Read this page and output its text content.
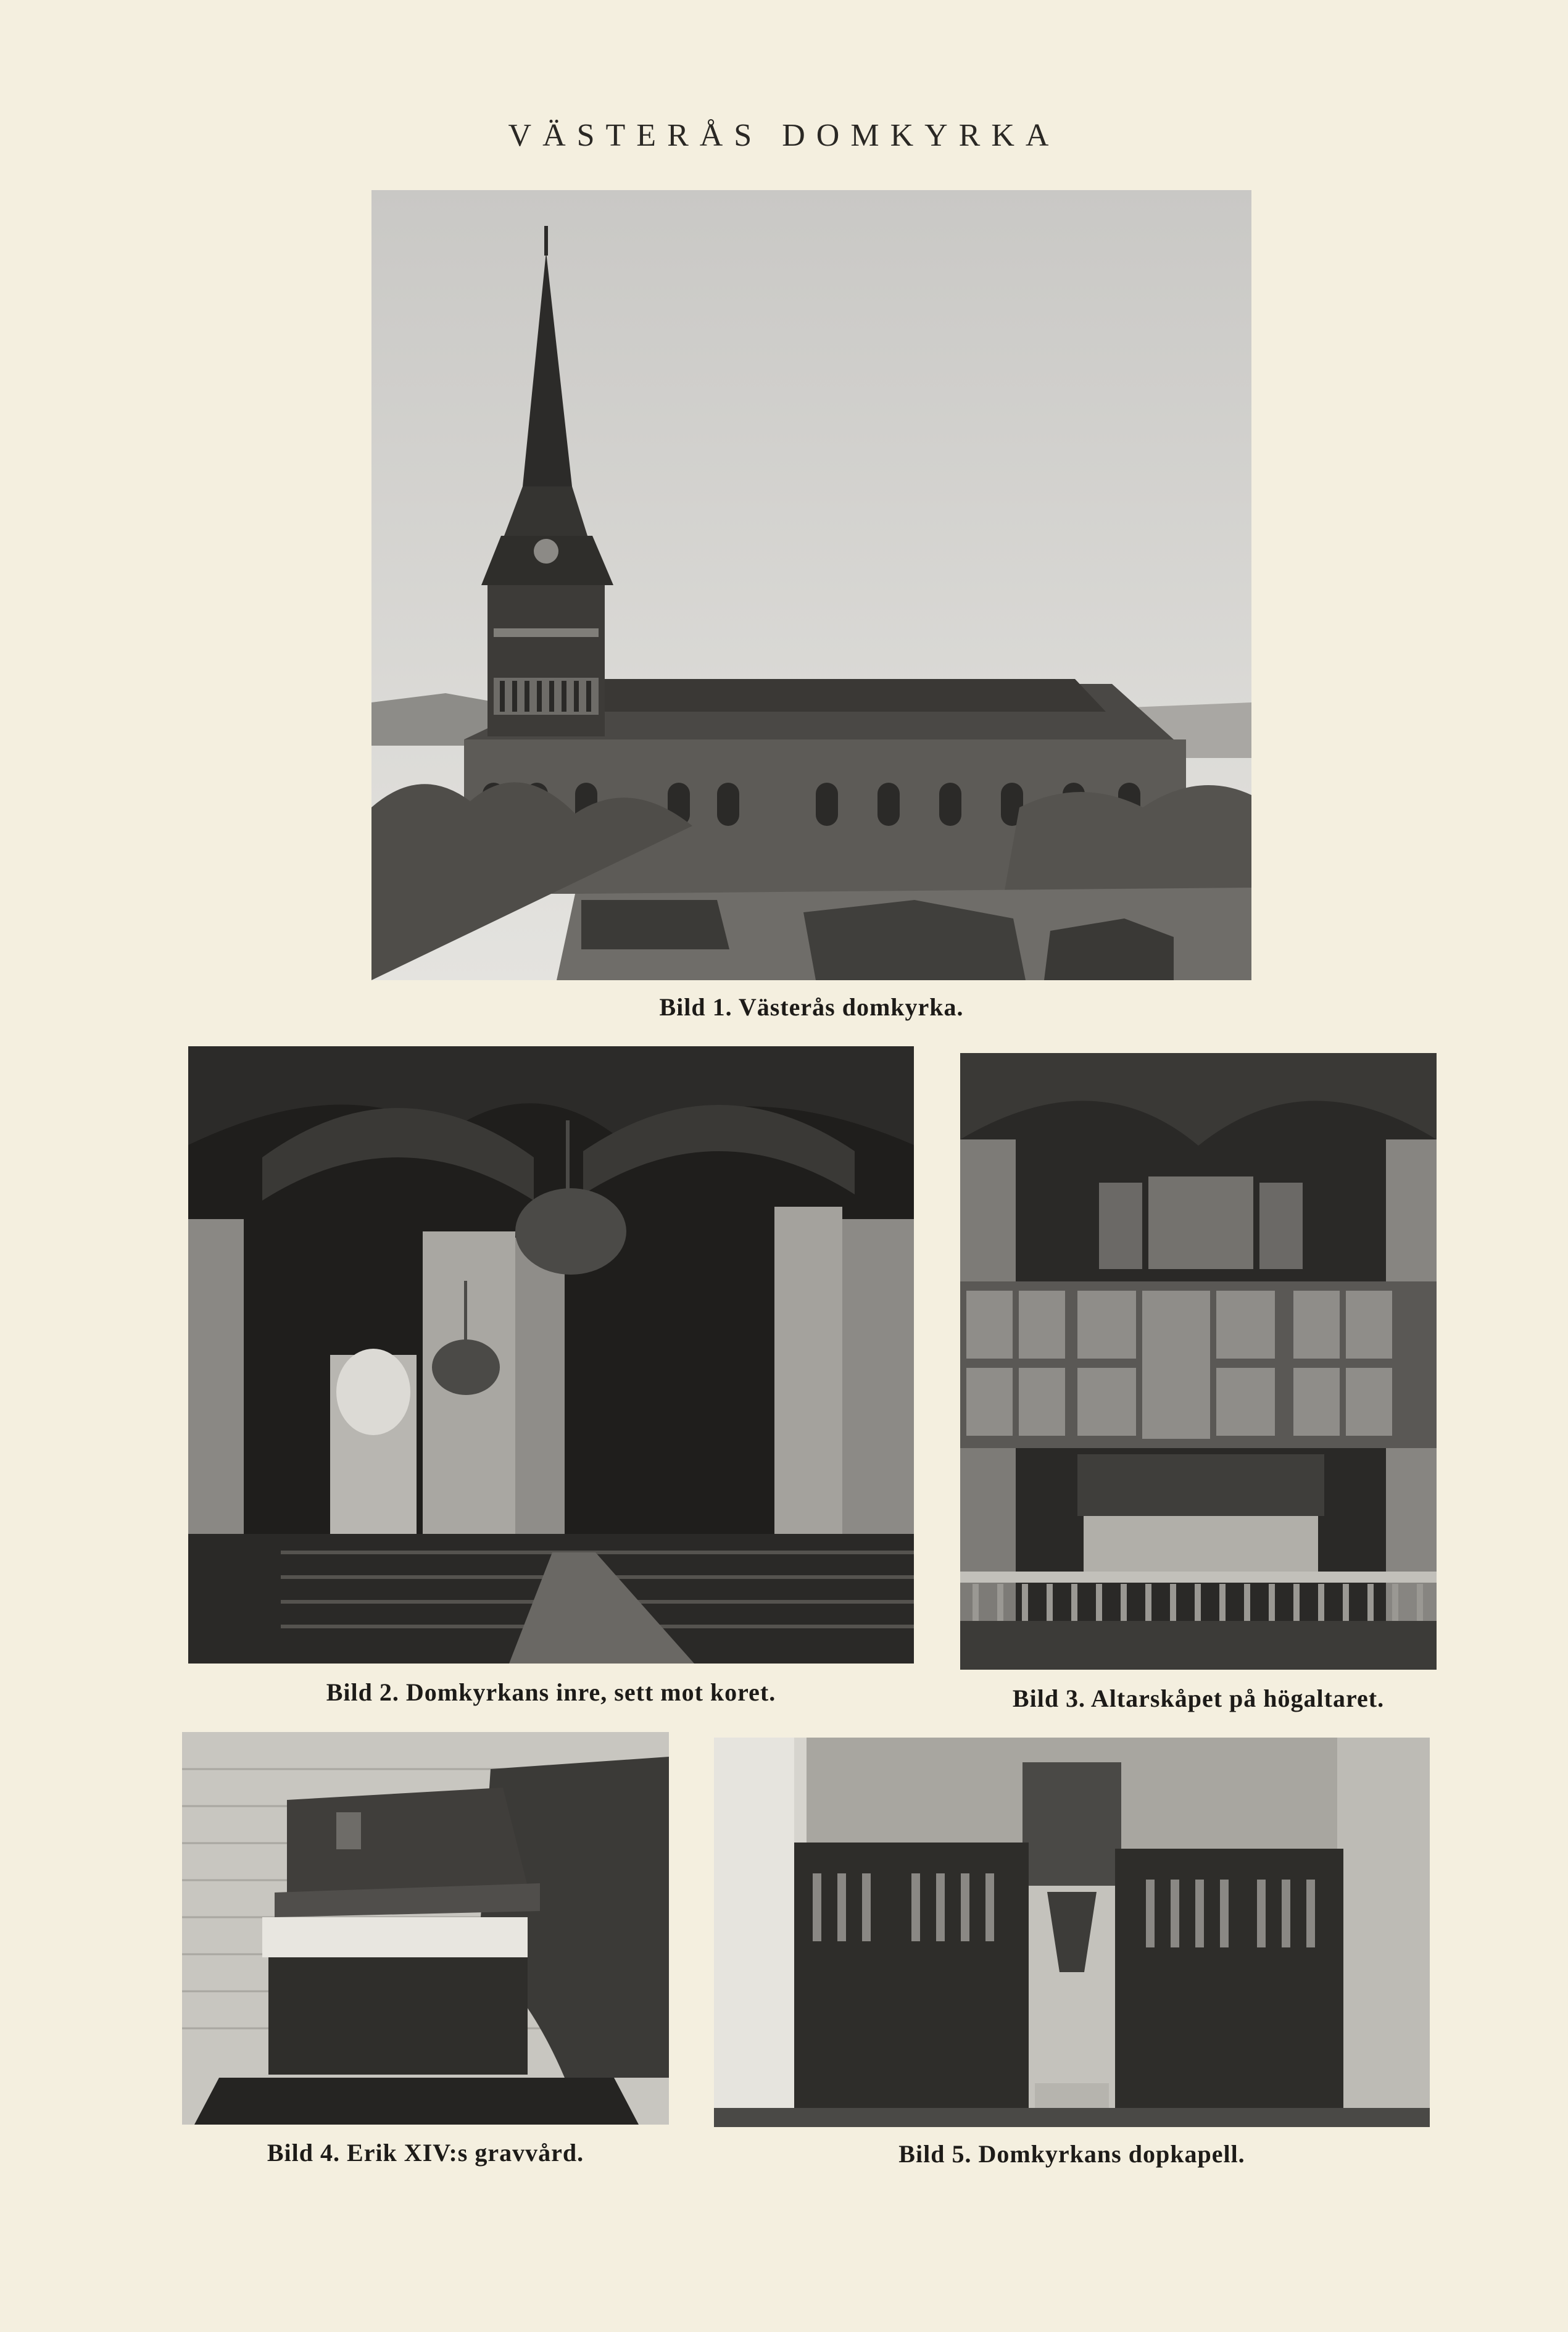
VÄSTERÅS DOMKYRKA
Bild 1. Västerås domkyrka.
Bild 2. Domkyrkans inre, sett mot koret.	Bild 3. Altarskåpet på högaltaret.
Bild 4. Erik XIV:s gravvård.	Bild 5. Domkyrkans dopkapell.
